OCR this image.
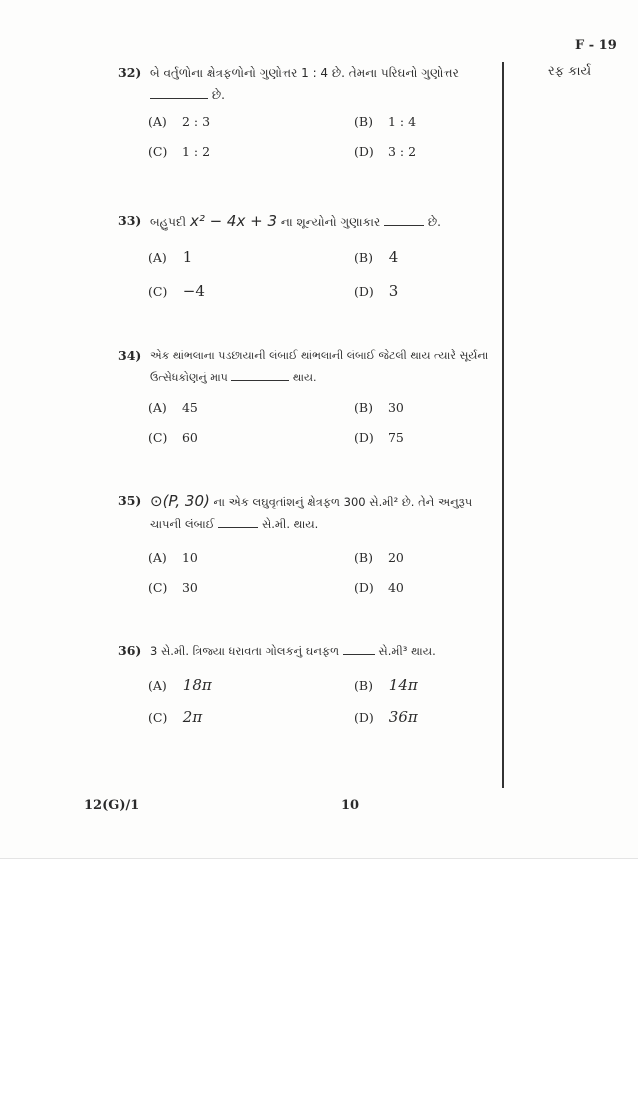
F - 19
રફ કાર્ય
32) બે વર્તુળોના ક્ષેત્રફળોનો ગુણોત્તર 1 : 4 છે. તેમના પરિઘનો ગુણોત્તર
છે.
(A) 2 : 3	(B) 1 : 4
(C) 1 : 2	(D) 3 : 2
33) બહુપદી x² − 4x + 3 ના શૂન્યોનો ગુણાકાર	છે.
(A) 1	(B) 4
(C) −4	(D) 3
34) એક થાંભલાના પડછાયાની લંબાઈ થાંભલાની લંબાઈ જેટલી થાય ત્યારે સૂર્યના
ઉત્સેધકોણનું માપ	થાય.
(A) 45	(B) 30
(C) 60	(D) 75
35) ⊙(P, 30) ના એક લઘુવૃતાંશનું ક્ષેત્રફળ 300 સે.મી² છે. તેને અનુરૂપ
ચાપની લંબાઈ	સે.મી. થાય.
(A) 10	(B) 20
(C) 30	(D) 40
36) 3 સે.મી. ત્રિજ્યા ધરાવતા ગોલકનું ઘનફળ	સે.મી³ થાય.
(A) 18π	(B) 14π
(C) 2π	(D) 36π
12(G)/1	10
